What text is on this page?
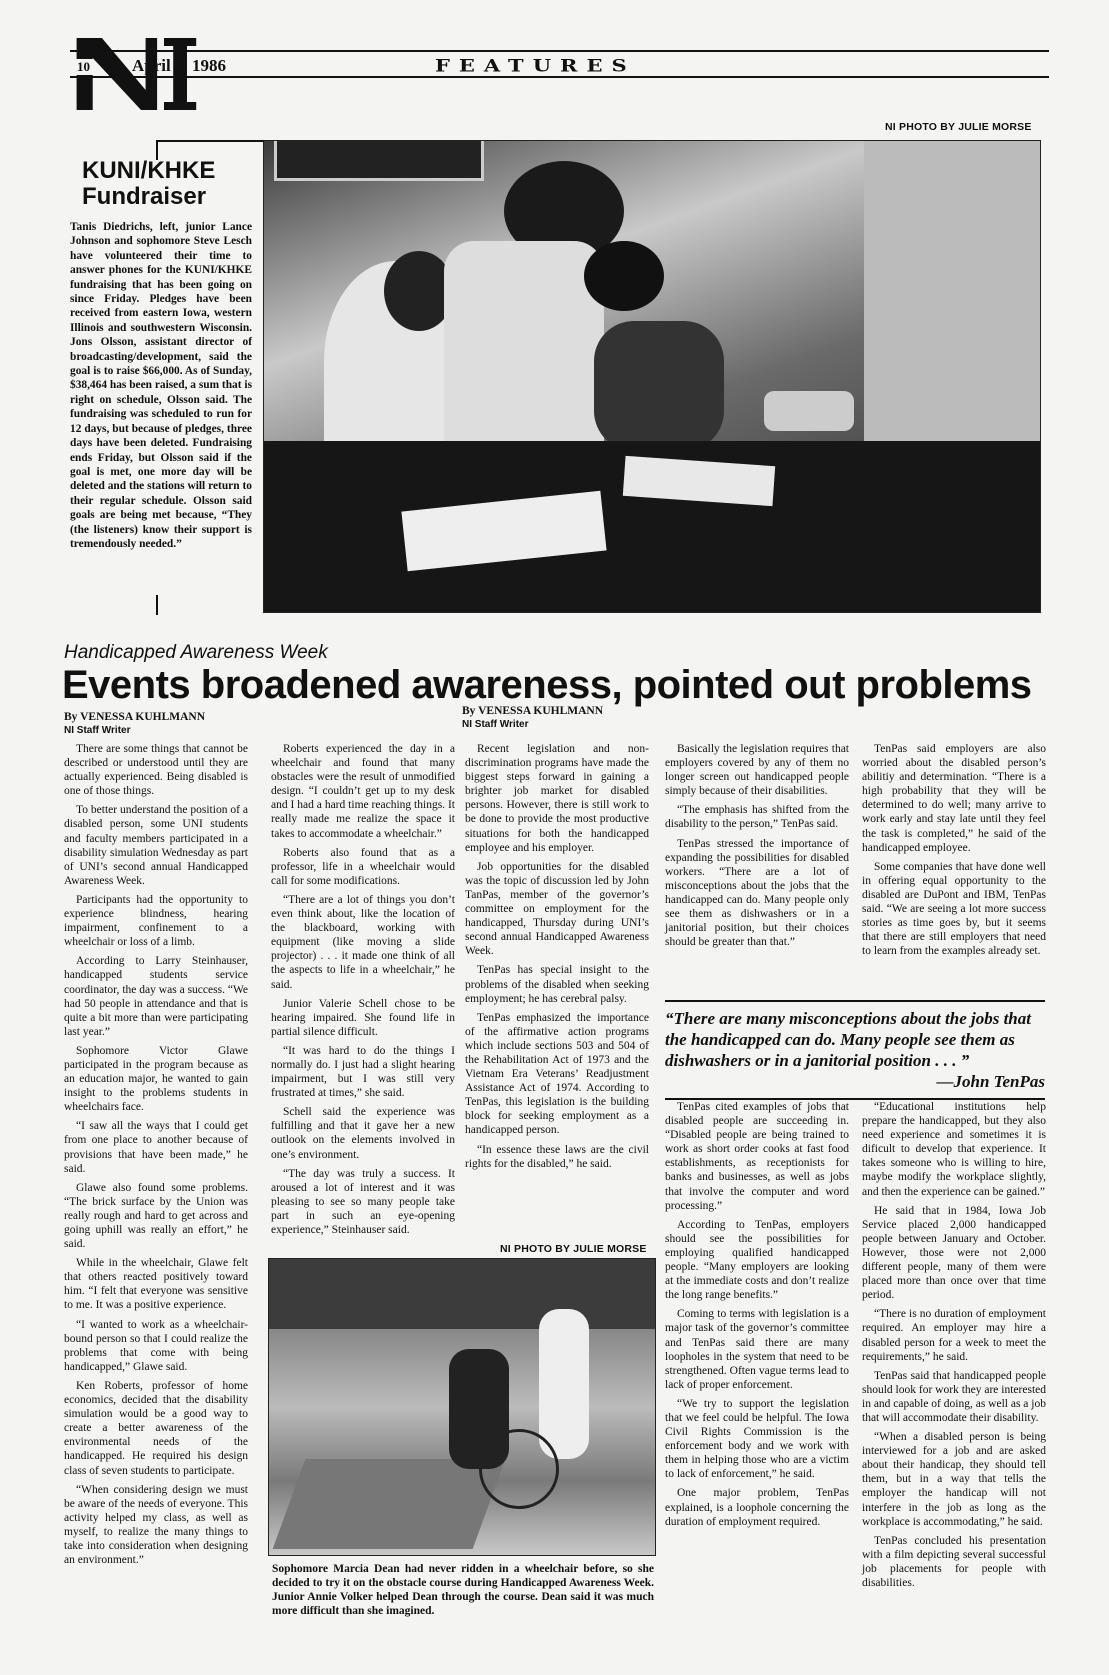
10 April 8, 1986	FEATURES
NI PHOTO BY JULIE MORSE
KUNI/KHKE
Fundraiser
Tanis Diedrichs, left, junior Lance Johnson and sophomore Steve Lesch have volunteered their time to answer phones for the KUNI/KHKE fundraising that has been going on since Friday. Pledges have been received from eastern Iowa, western Illinois and southwestern Wisconsin. Jons Olsson, assistant director of broadcasting/development, said the goal is to raise $66,000. As of Sunday, $38,464 has been raised, a sum that is right on schedule, Olsson said. The fundraising was scheduled to run for 12 days, but because of pledges, three days have been deleted. Fundraising ends Friday, but Olsson said if the goal is met, one more day will be deleted and the stations will return to their regular schedule. Olsson said goals are being met because, “They (the listeners) know their support is tremendously needed.”
Handicapped Awareness Week
Events broadened awareness, pointed out problems
By VENESSA KUHLMANN
NI Staff Writer
By VENESSA KUHLMANN
NI Staff Writer

There are some things that cannot be described or understood until they are actually experienced. Being disabled is one of those things.

To better understand the position of a disabled person, some UNI students and faculty members participated in a disability simulation Wednesday as part of UNI’s second annual Handicapped Awareness Week.

Participants had the opportunity to experience blindness, hearing impairment, confinement to a wheelchair or loss of a limb.

According to Larry Steinhauser, handicapped students service coordinator, the day was a success. “We had 50 people in attendance and that is quite a bit more than were participating last year.”

Sophomore Victor Glawe participated in the program because as an education major, he wanted to gain insight to the problems students in wheelchairs face.

“I saw all the ways that I could get from one place to another because of provisions that have been made,” he said.

Glawe also found some problems. “The brick surface by the Union was really rough and hard to get across and going uphill was really an effort,” he said.

While in the wheelchair, Glawe felt that others reacted positively toward him. “I felt that everyone was sensitive to me. It was a positive experience.

“I wanted to work as a wheelchair-bound person so that I could realize the problems that come with being handicapped,” Glawe said.

Ken Roberts, professor of home economics, decided that the disability simulation would be a good way to create a better awareness of the environmental needs of the handicapped. He required his design class of seven students to participate.

“When considering design we must be aware of the needs of everyone. This activity helped my class, as well as myself, to realize the many things to take into consideration when designing an environment.”

Roberts experienced the day in a wheelchair and found that many obstacles were the result of unmodified design. “I couldn’t get up to my desk and I had a hard time reaching things. It really made me realize the space it takes to accommodate a wheelchair.”

Roberts also found that as a professor, life in a wheelchair would call for some modifications.

“There are a lot of things you don’t even think about, like the location of the blackboard, working with equipment (like moving a slide projector) . . . it made one think of all the aspects to life in a wheelchair,” he said.

Junior Valerie Schell chose to be hearing impaired. She found life in partial silence difficult.

“It was hard to do the things I normally do. I just had a slight hearing impairment, but I was still very frustrated at times,” she said.

Schell said the experience was fulfilling and that it gave her a new outlook on the elements involved in one’s environment.

“The day was truly a success. It aroused a lot of interest and it was pleasing to see so many people take part in such an eye-opening experience,” Steinhauser said.

Recent legislation and non-discrimination programs have made the biggest steps forward in gaining a brighter job market for disabled persons. However, there is still work to be done to provide the most productive situations for both the handicapped employee and his employer.

Job opportunities for the disabled was the topic of discussion led by John TanPas, member of the governor’s committee on employment for the handicapped, Thursday during UNI’s second annual Handicapped Awareness Week.

TenPas has special insight to the problems of the disabled when seeking employment; he has cerebral palsy.

TenPas emphasized the importance of the affirmative action programs which include sections 503 and 504 of the Rehabilitation Act of 1973 and the Vietnam Era Veterans’ Readjustment Assistance Act of 1974. According to TenPas, this legislation is the building block for seeking employment as a handicapped person.

“In essence these laws are the civil rights for the disabled,” he said.

Basically the legislation requires that employers covered by any of them no longer screen out handicapped people simply because of their disabilities.

“The emphasis has shifted from the disability to the person,” TenPas said.

TenPas stressed the importance of expanding the possibilities for disabled workers. “There are a lot of misconceptions about the jobs that the handicapped can do. Many people only see them as dishwashers or in a janitorial position, but their choices should be greater than that.”

TenPas said employers are also worried about the disabled person’s abilitiy and determination. “There is a high probability that they will be determined to do well; many arrive to work early and stay late until they feel the task is completed,” he said of the handicapped employee.

Some companies that have done well in offering equal opportunity to the disabled are DuPont and IBM, TenPas said. “We are seeing a lot more success stories as time goes by, but it seems that there are still employers that need to learn from the examples already set.

“There are many misconceptions about the jobs that the handicapped can do. Many people see them as dishwashers or in a janitorial position . . . ”
—John TenPas

TenPas cited examples of jobs that disabled people are succeeding in. “Disabled people are being trained to work as short order cooks at fast food establishments, as receptionists for banks and businesses, as well as jobs that involve the computer and word processing.”

According to TenPas, employers should see the possibilities for employing qualified handicapped people. “Many employers are looking at the immediate costs and don’t realize the long range benefits.”

Coming to terms with legislation is a major task of the governor’s committee and TenPas said there are many loopholes in the system that need to be strengthened. Often vague terms lead to lack of proper enforcement.

“We try to support the legislation that we feel could be helpful. The Iowa Civil Rights Commission is the enforcement body and we work with them in helping those who are a victim to lack of enforcement,” he said.

One major problem, TenPas explained, is a loophole concerning the duration of employment required.

“Educational institutions help prepare the handicapped, but they also need experience and sometimes it is dificult to develop that experience. It takes someone who is willing to hire, maybe modify the workplace slightly, and then the experience can be gained.”

He said that in 1984, Iowa Job Service placed 2,000 handicapped people between January and October. However, those were not 2,000 different people, many of them were placed more than once over that time period.

“There is no duration of employment required. An employer may hire a disabled person for a week to meet the requirements,” he said.

TenPas said that handicapped people should look for work they are interested in and capable of doing, as well as a job that will accommodate their disability.

“When a disabled person is being interviewed for a job and are asked about their handicap, they should tell them, but in a way that tells the employer the handicap will not interfere in the job as long as the workplace is accommodating,” he said.

TenPas concluded his presentation with a film depicting several successful job placements for people with disabilities.

NI PHOTO BY JULIE MORSE
Sophomore Marcia Dean had never ridden in a wheelchair before, so she decided to try it on the obstacle course during Handicapped Awareness Week. Junior Annie Volker helped Dean through the course. Dean said it was much more difficult than she imagined.
